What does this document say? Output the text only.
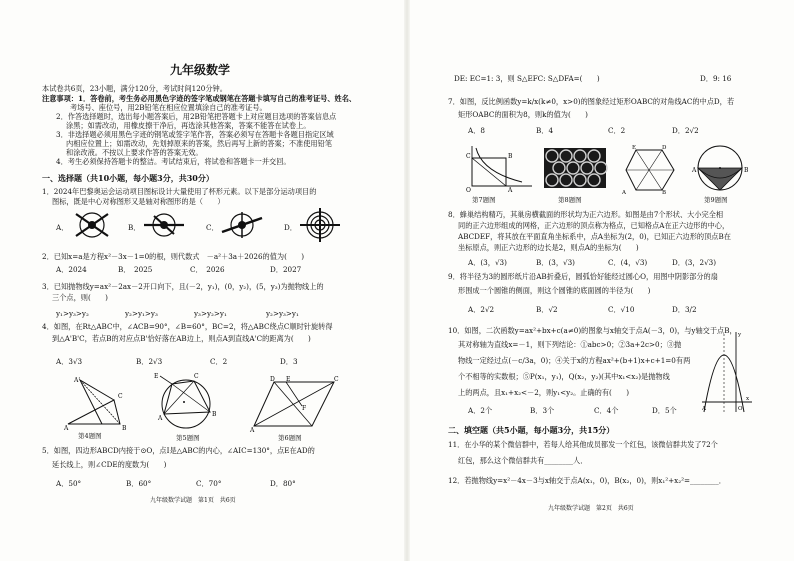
九年级数学
本试卷共6页，23小题，满分120分，考试时间120分钟。
注意事项：1．答卷前，考生务必用黑色字迹的签字笔或钢笔在答题卡填写自己的准考证号、姓名、
考场号、座位号，用2B铅笔在相应位置填涂自己的准考证号。
2．作答选择题时，选出每小题答案后，用2B铅笔把答题卡上对应题目选项的答案信息点
涂黑；如需改动，用橡皮擦干净后，再选涂其他答案，答案不能答在试卷上。
3．非选择题必须用黑色字迹的钢笔或签字笔作答，答案必须写在答题卡各题目指定区域
内相应位置上；如需改动，先划掉原来的答案，然后再写上新的答案；不准使用铅笔
和涂改液。不按以上要求作答的答案无效。
4．考生必须保持答题卡的整洁。考试结束后，将试卷和答题卡一并交回。
一、选择题（共10小题，每小题3分，共30分）
1．2024年巴黎奥运会运动项目图标设计大量使用了杯形元素。以下是部分运动项目的
图标，既是中心对称图形又是轴对称图形的是（　　）
A．	B．	C．	D．
2．已知x=a是方程x²－3x－1=0的根，则代数式　－a²＋3a＋2026的值为(　　)
A．2024	B．　2025	C．　2026	D．2027
3．已知抛物线y=ax²－2ax－2开口向下，且(－2，y₁)，(0，y₂)，(5，y₃)为抛物线上的
三个点，则(　　)
y₁>y₃>y₂	y₂>y₁>y₃	y₃>y₂>y₁	y₂>y₃>y₁
4．如图，在Rt△ABC中，∠ACB=90°，∠B=60°，BC=2，将△ABC绕点C顺时针旋转得
到△A'B'C，若点B的对应点B'恰好落在AB边上，则点A到直线A'C的距离为(　　)
A．3√3	B．2√3	C．2	D．3
A
C
A'
B
第4题图
A
B
C
E
第5题图
A
D E	C
F
第6题图
5．如图，四边形ABCD内接于⊙O，点I是△ABC的内心，∠AIC=130°，点E在AD的
延长线上，则∠CDE的度数为(　　)
A．50°	B．60°	C．70°	D．80°
九年级数学试题　第1页　共6页
DE: EC=1: 3，则 S△EFC: S△DFA=(　　)	D．9: 16
7．如图，反比例函数y=k/x(k≠0，x>0)的图象经过矩形OABC的对角线AC的中点D，若
矩形OABC的面积为8，则k的值为(　　)
A．8	B．4	C．2	D．2√2
O	A
C	B
第7题图	第8题图
E	D
A	B
A	B
第9题图
8．蜂巢结构精巧，其巢房横截面的形状均为正六边形。如图是由7个形状、大小完全相
同的正六边形组成的网格，正六边形的顶点称为格点，已知格点A在正六边形的中心，
ABCDEF，将其放在平面直角坐标系中，点A坐标为(2，0)，已知正六边形的顶点B在
坐标原点，则正六边形的边长是2，则点A的坐标为(　　)
A．(3，√3)	B．(3，√3)	C．(4，√3)	D．(3，2√3)
9．将半径为3的圆形纸片沿AB折叠后，圆弧恰好能经过圆心O，用图中阴影部分的扇
形围成一个圆锥的侧面，则这个圆锥的底面圆的半径为(　　)
A．2√2	B．√2	C．√10	D．3/2
10．如图，二次函数y=ax²+bx+c(a≠0)的图象与x轴交于点A(－3，0)，与y轴交于点B，
其对称轴为直线x=－1，则下列结论：①abc>0；②3a+2c>0；③抛
物线一定经过点(－c/3a，0)；④关于x的方程ax²+(b+1)x+c+1=0有两
个不相等的实数根；⑤P(x₁，y₁)，Q(x₂，y₂)(其中x₁<x₂)是抛物线
上的两点，且x₁+x₂<－2，则y₁<y₂。止确的有(　　)
A．2个	B．3个	C．4个	D．5个	A	O
x
y
二、填空题（共5小题，每小题3分，共15分）
11．在小华的某个微信群中，若每人给其他成员都发一个红包，该微信群共发了72个
红包，那么这个微信群共有________人．
12．若抛物线y=x²－4x－3与x轴交于点A(x₁，0)，B(x₂，0)，则x₁²+x₂²=________．
九年级数学试题　第2页　共6页
